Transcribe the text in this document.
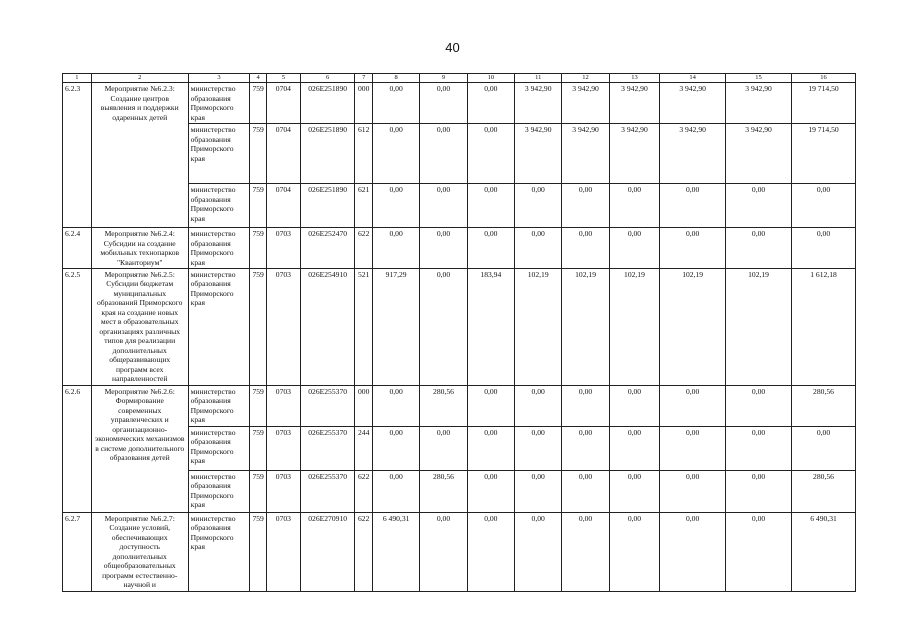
40
1	2	3	4	5	6	7	8	9	10	11	12	13	14	15	16
6.2.3	Мероприятие №6.2.3: Создание центров выявления и поддержки одаренных детей	министерство образования Приморского края	759	0704	026E251890	000	0,00	0,00	0,00	3 942,90	3 942,90	3 942,90	3 942,90	3 942,90	19 714,50
		министерство образования Приморского края	759	0704	026E251890	612	0,00	0,00	0,00	3 942,90	3 942,90	3 942,90	3 942,90	3 942,90	19 714,50
		министерство образования Приморского края	759	0704	026E251890	621	0,00	0,00	0,00	0,00	0,00	0,00	0,00	0,00	0,00
6.2.4	Мероприятие №6.2.4: Субсидии на создание мобильных технопарков "Кванториум"	министерство образования Приморского края	759	0703	026E252470	622	0,00	0,00	0,00	0,00	0,00	0,00	0,00	0,00	0,00
6.2.5	Мероприятие №6.2.5: Субсидии бюджетам муниципальных образований Приморского края на создание новых мест в образовательных организациях различных типов для реализации дополнительных общеразвивающих программ всех направленностей	министерство образования Приморского края	759	0703	026E254910	521	917,29	0,00	183,94	102,19	102,19	102,19	102,19	102,19	1 612,18
6.2.6	Мероприятие №6.2.6: Формирование современных управленческих и организационно-экономических механизмов в системе дополнительного образования детей	министерство образования Приморского края	759	0703	026E255370	000	0,00	280,56	0,00	0,00	0,00	0,00	0,00	0,00	280,56
		министерство образования Приморского края	759	0703	026E255370	244	0,00	0,00	0,00	0,00	0,00	0,00	0,00	0,00	0,00
		министерство образования Приморского края	759	0703	026E255370	622	0,00	280,56	0,00	0,00	0,00	0,00	0,00	0,00	280,56
6.2.7	Мероприятие №6.2.7: Создание условий, обеспечивающих доступность дополнительных общеобразовательных программ естественно-научной и	министерство образования Приморского края	759	0703	026E270910	622	6 490,31	0,00	0,00	0,00	0,00	0,00	0,00	0,00	6 490,31
